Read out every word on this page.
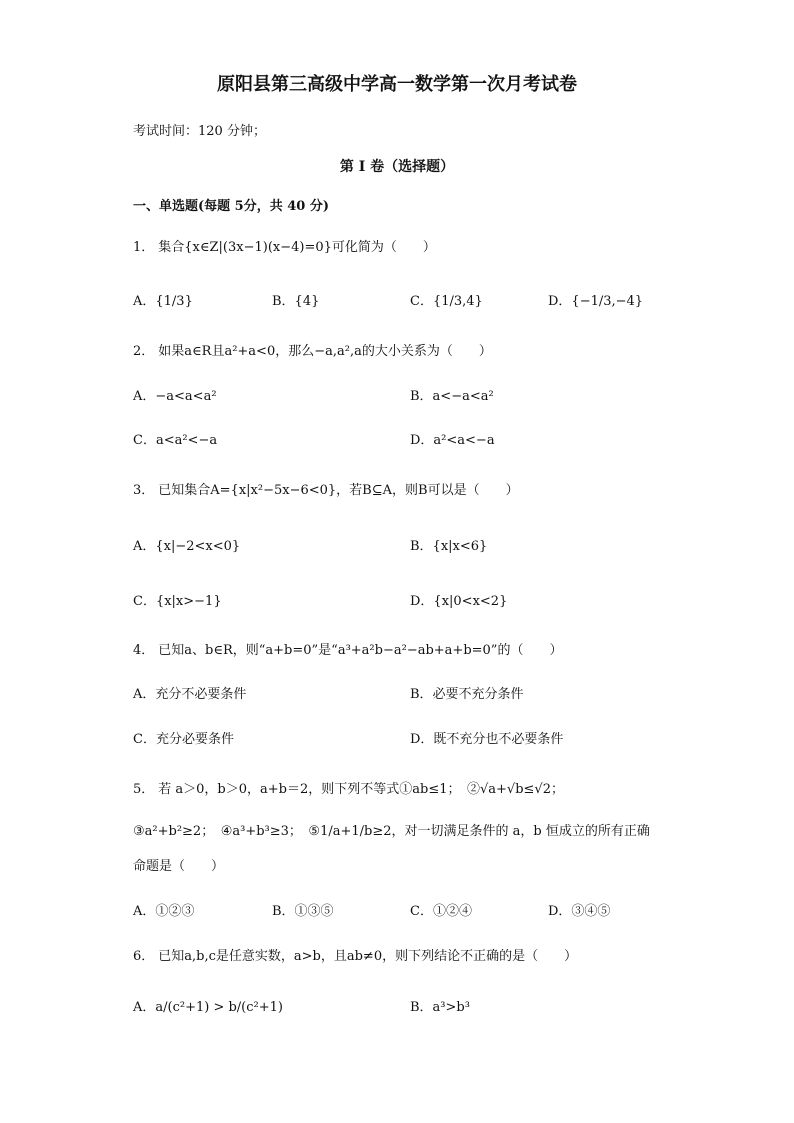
原阳县第三高级中学高一数学第一次月考试卷
考试时间：120 分钟；
第 I 卷（选择题）
一、单选题(每题 5分，共 40 分)
1． 集合{x∈Z|(3x−1)(x−4)=0}可化简为（　　）
A．{1/3}	B．{4}	C．{1/3,4}	D．{−1/3,−4}
2． 如果a∈R且a²+a<0，那么−a,a²,a的大小关系为（　　）
A．−a<a<a²	B．a<−a<a²
C．a<a²<−a	D．a²<a<−a
3． 已知集合A={x|x²−5x−6<0}，若B⊆A，则B可以是（　　）
A．{x|−2<x<0}	B．{x|x<6}
C．{x|x>−1}	D．{x|0<x<2}
4． 已知a、b∈R，则“a+b=0”是“a³+a²b−a²−ab+a+b=0”的（　　）
A．充分不必要条件	B．必要不充分条件
C．充分必要条件	D．既不充分也不必要条件
5． 若 a＞0，b＞0，a+b＝2，则下列不等式①ab≤1；　②√a+√b≤√2；
③a²+b²≥2；　④a³+b³≥3；　⑤1/a+1/b≥2，对一切满足条件的 a，b 恒成立的所有正确
命题是（　　）
A．①②③	B．①③⑤	C．①②④	D．③④⑤
6． 已知a,b,c是任意实数，a>b，且ab≠0，则下列结论不正确的是（　　）
A．a/(c²+1) > b/(c²+1)	B．a³>b³
